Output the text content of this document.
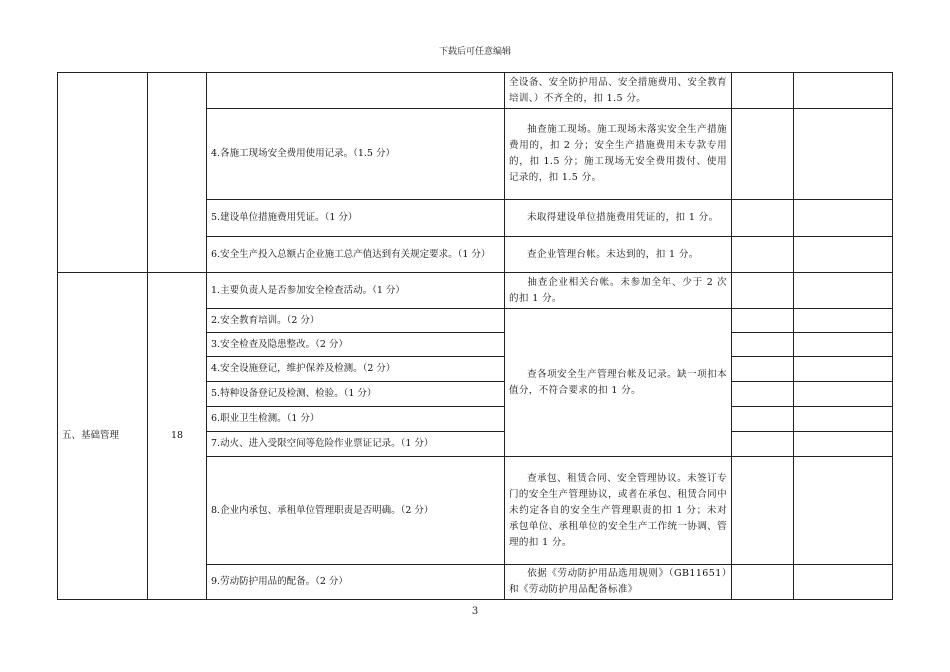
下载后可任意编辑
			全设备、安全防护用品、安全措施费用、安全教育培训、）不齐全的，扣 1.5 分。		
		4.各施工现场安全费用使用记录。（1.5 分）	抽查施工现场。施工现场未落实安全生产措施费用的，扣 2 分；安全生产措施费用未专款专用的，扣 1.5 分；施工现场无安全费用拨付、使用记录的，扣 1.5 分。		
		5.建设单位措施费用凭证。（1 分）	未取得建设单位措施费用凭证的，扣 1 分。		
		6.安全生产投入总额占企业施工总产值达到有关规定要求。（1 分）	查企业管理台帐。未达到的，扣 1 分。		
五、基础管理	18	1.主要负责人是否参加安全检查活动。（1 分）	抽查企业相关台帐。未参加全年、少于 2 次的扣 1 分。		
		2.安全教育培训。（2 分）	查各项安全生产管理台帐及记录。缺一项扣本值分，不符合要求的扣 1 分。		
		3.安全检查及隐患整改。（2 分）			
		4.安全设施登记，维护保养及检测。（2 分）			
		5.特种设备登记及检测、检验。（1 分）			
		6.职业卫生检测。（1 分）			
		7.动火、进入受限空间等危险作业票证记录。（1 分）			
		8.企业内承包、承租单位管理职责是否明确。（2 分）	查承包、租赁合同、安全管理协议。未签订专门的安全生产管理协议，或者在承包、租赁合同中未约定各自的安全生产管理职责的扣 1 分；未对承包单位、承租单位的安全生产工作统一协调、管理的扣 1 分。		
		9.劳动防护用品的配备。（2 分）	依据《劳动防护用品选用规则》（GB11651）和《劳动防护用品配备标准》		
3
